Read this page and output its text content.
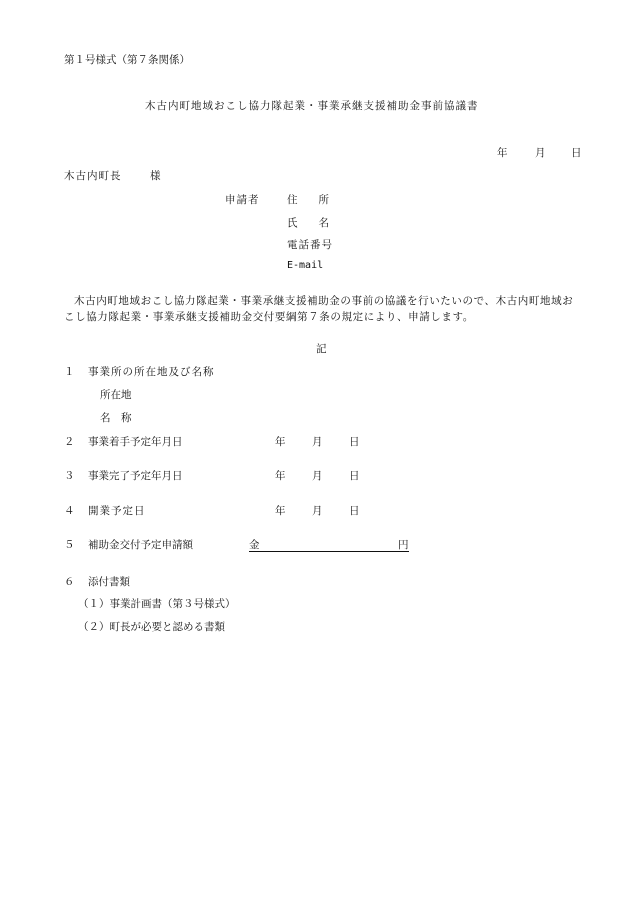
第１号様式（第７条関係）
木古内町地域おこし協力隊起業・事業承継支援補助金事前協議書
年	月 日
木古内町長	様
申請者	住　　所
氏　　名
電話番号
E-mail
木古内町地域おこし協力隊起業・事業承継支援補助金の事前の協議を行いたいので、木古内町地域おこし協力隊起業・事業承継支援補助金交付要綱第７条の規定により、申請します。
記
１ 事業所の所在地及び名称
所在地
名　称
２ 事業着手予定年月日	年	月	日
３ 事業完了予定年月日	年	月	日
４ 開業予定日	年	月	日
５ 補助金交付予定申請額	金	円
６ 添付書類
（１）事業計画書（第３号様式）
（２）町長が必要と認める書類
